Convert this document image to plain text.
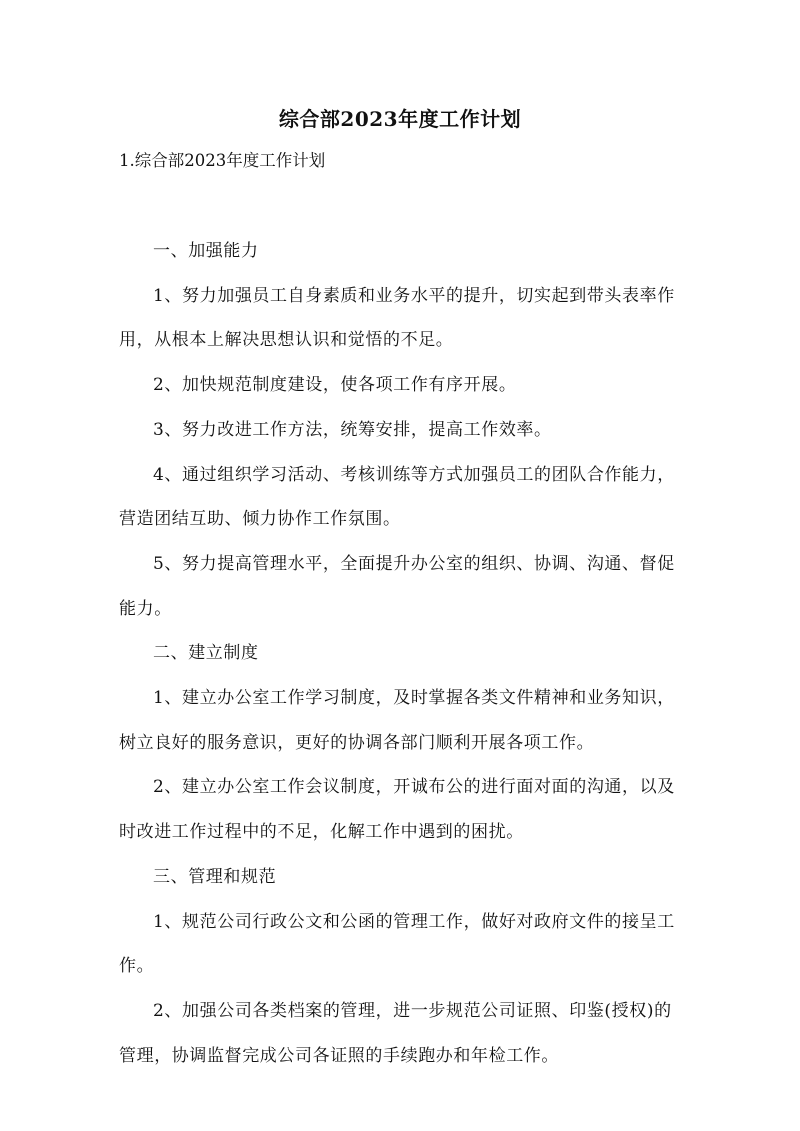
综合部2023年度工作计划
1.综合部2023年度工作计划

一、加强能力

1、努力加强员工自身素质和业务水平的提升，切实起到带头表率作用，从根本上解决思想认识和觉悟的不足。

2、加快规范制度建设，使各项工作有序开展。

3、努力改进工作方法，统筹安排，提高工作效率。

4、通过组织学习活动、考核训练等方式加强员工的团队合作能力，营造团结互助、倾力协作工作氛围。

5、努力提高管理水平，全面提升办公室的组织、协调、沟通、督促能力。

二、建立制度

1、建立办公室工作学习制度，及时掌握各类文件精神和业务知识，树立良好的服务意识，更好的协调各部门顺利开展各项工作。

2、建立办公室工作会议制度，开诚布公的进行面对面的沟通，以及时改进工作过程中的不足，化解工作中遇到的困扰。

三、管理和规范

1、规范公司行政公文和公函的管理工作，做好对政府文件的接呈工作。

2、加强公司各类档案的管理，进一步规范公司证照、印鉴(授权)的管理，协调监督完成公司各证照的手续跑办和年检工作。
